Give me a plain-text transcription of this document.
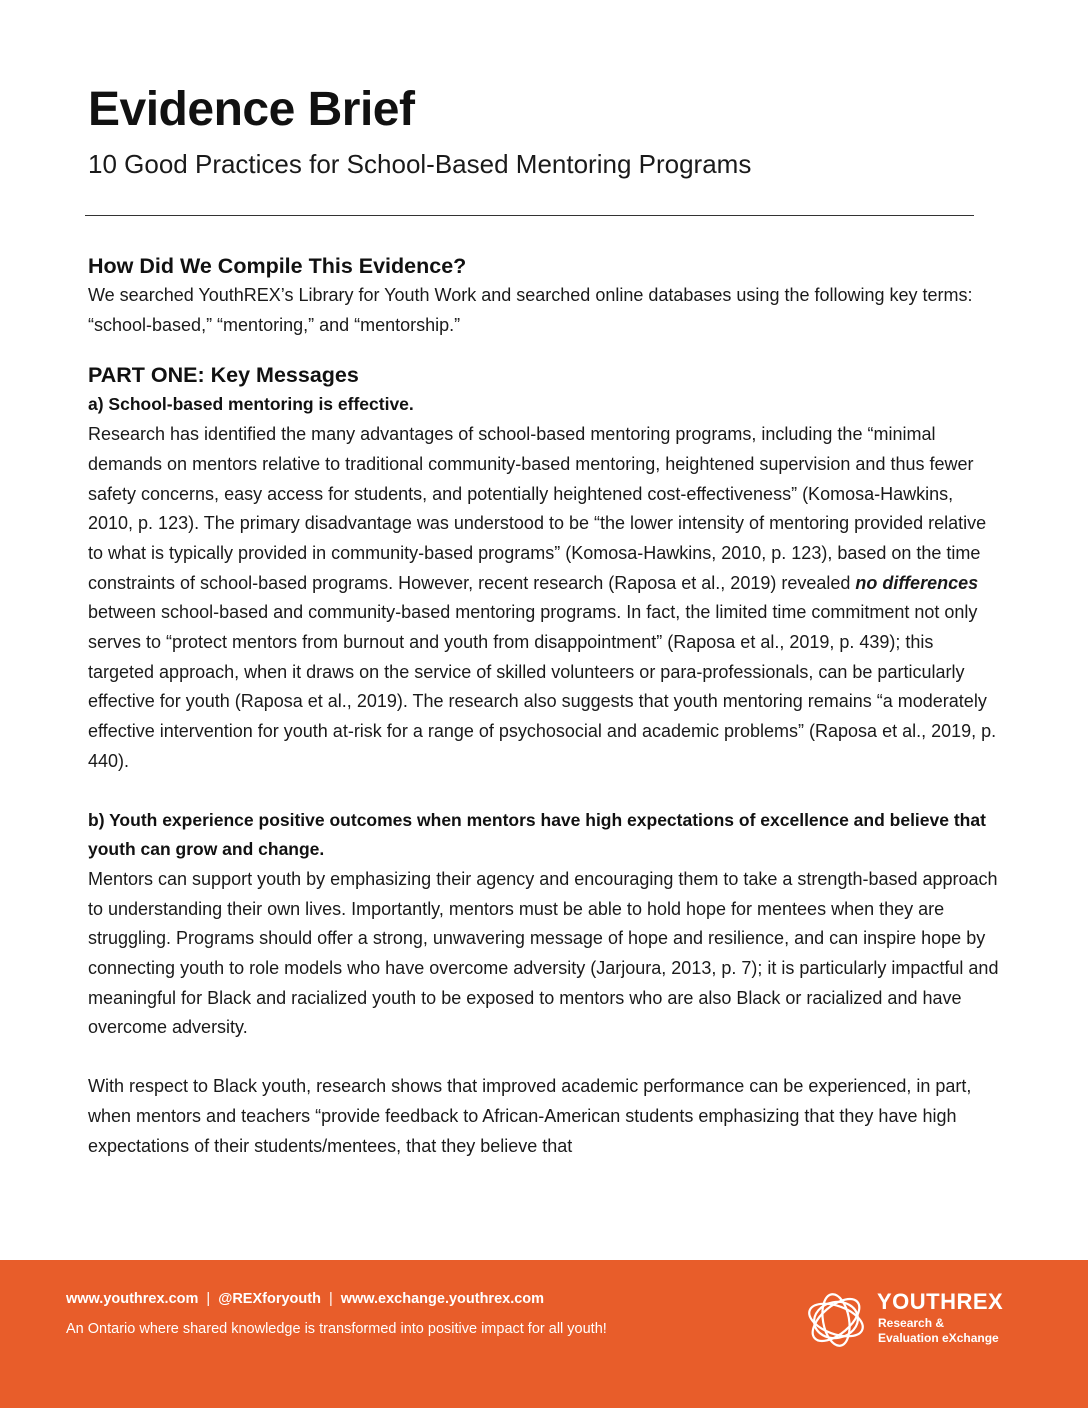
Evidence Brief
10 Good Practices for School-Based Mentoring Programs
How Did We Compile This Evidence?

We searched YouthREX’s Library for Youth Work and searched online databases using the following key terms: “school-based,” “mentoring,” and “mentorship.”

PART ONE: Key Messages
a) School-based mentoring is effective.

Research has identified the many advantages of school-based mentoring programs, including the “minimal demands on mentors relative to traditional community-based mentoring, heightened supervision and thus fewer safety concerns, easy access for students, and potentially heightened cost-effectiveness” (Komosa-Hawkins, 2010, p. 123). The primary disadvantage was understood to be “the lower intensity of mentoring provided relative to what is typically provided in community-based programs” (Komosa-Hawkins, 2010, p. 123), based on the time constraints of school-based programs. However, recent research (Raposa et al., 2019) revealed no differences between school-based and community-based mentoring programs. In fact, the limited time commitment not only serves to “protect mentors from burnout and youth from disappointment” (Raposa et al., 2019, p. 439); this targeted approach, when it draws on the service of skilled volunteers or para-professionals, can be particularly effective for youth (Raposa et al., 2019). The research also suggests that youth mentoring remains “a moderately effective intervention for youth at-risk for a range of psychosocial and academic problems” (Raposa et al., 2019, p. 440).

b) Youth experience positive outcomes when mentors have high expectations of excellence and believe that youth can grow and change.

Mentors can support youth by emphasizing their agency and encouraging them to take a strength-based approach to understanding their own lives. Importantly, mentors must be able to hold hope for mentees when they are struggling. Programs should offer a strong, unwavering message of hope and resilience, and can inspire hope by connecting youth to role models who have overcome adversity (Jarjoura, 2013, p. 7); it is particularly impactful and meaningful for Black and racialized youth to be exposed to mentors who are also Black or racialized and have overcome adversity.

With respect to Black youth, research shows that improved academic performance can be experienced, in part, when mentors and teachers “provide feedback to African-American students emphasizing that they have high expectations of their students/mentees, that they believe that

www.youthrex.com | @REXforyouth | www.exchange.youthrex.com
An Ontario where shared knowledge is transformed into positive impact for all youth!
YOUTHREX
Research &
Evaluation eXchange
